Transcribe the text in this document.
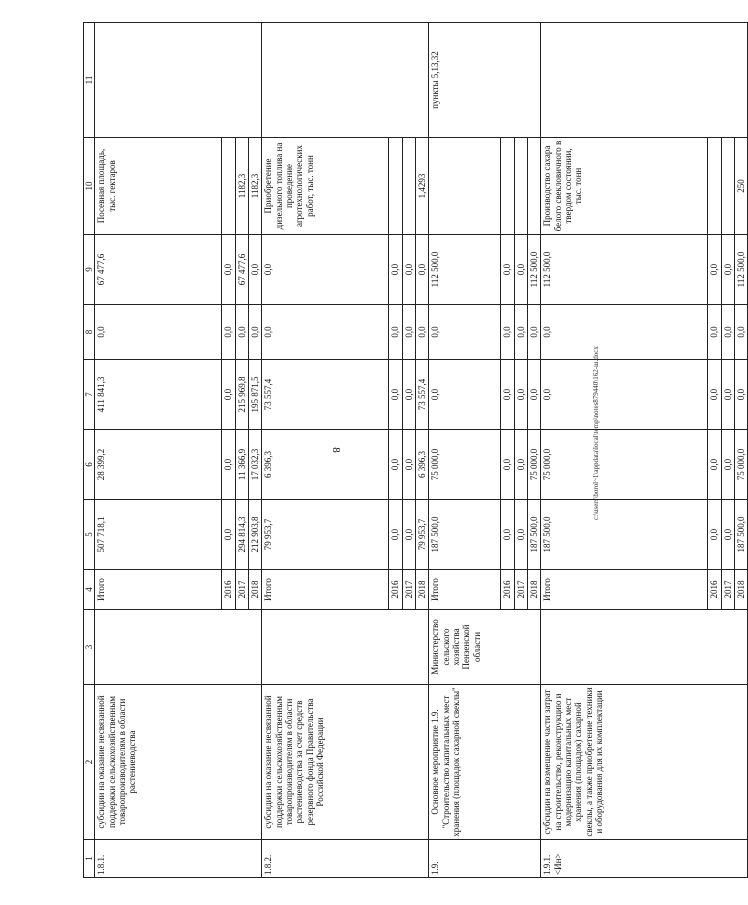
8
1	2	3	4	5	6	7	8	9	10	11
1.8.1.	субсидии на оказание несвязанной поддержки сельскохозяйственным товаропроизводителям в области растениеводства		Итого	507 718,1	28 399,2	411 841,3	0,0	67 477,6	Посевная площадь, тыс. гектаров	
			2016	0,0	0,0	0,0	0,0	0,0		
			2017	294 814,3	11 366,9	215 969,8	0,0	67 477,6	1182,3	
			2018	212 903,8	17 032,3	195 871,5	0,0	0,0	1182,3	
1.8.2.	субсидии на оказание несвязанной поддержки сельскохозяйственным товаропроизводителям в области растениеводства за счет средств резервного фонда Правительства Российской Федерации		Итого	79 953,7	6 396,3	73 557,4	0,0	0,0	Приобретение дизельного топлива на проведение агротехнологических работ, тыс. тонн	
			2016	0,0	0,0	0,0	0,0	0,0		
			2017	0,0	0,0	0,0	0,0	0,0		
			2018	79 953,7	6 396,3	73 557,4	0,0	0,0	1,4293	
1.9.	Основное мероприятие 1.9. "Строительство капитальных мест хранения (площадок сахарной свеклы"	Министерство сельского хозяйства Пензенской области	Итого	187 500,0	75 000,0	0,0	0,0	112 500,0		пункты 5,13,32
			2016	0,0	0,0	0,0	0,0	0,0		
			2017	0,0	0,0	0,0	0,0	0,0		
			2018	187 500,0	75 000,0	0,0	0,0	112 500,0		
1.9.1. <Ин>	субсидии на возмещение части затрат на строительство, реконструкцию и модернизацию капитальных мест хранения (площадок) сахарной свеклы, а также приобретение техники и оборудования для их комплектации		Итого	187 500,0	75 000,0	0,0	0,0	112 500,0	Производство сахара белого свекловичного в твердом состоянии, тыс. тонн	
			2016	0,0	0,0	0,0	0,0	0,0		
			2017	0,0	0,0	0,0	0,0	0,0		
			2018	187 500,0	75 000,0	0,0	0,0	112 500,0	250	
c:\users\borol~1\appdata\local\temp\notes879440\162-ш.docx
